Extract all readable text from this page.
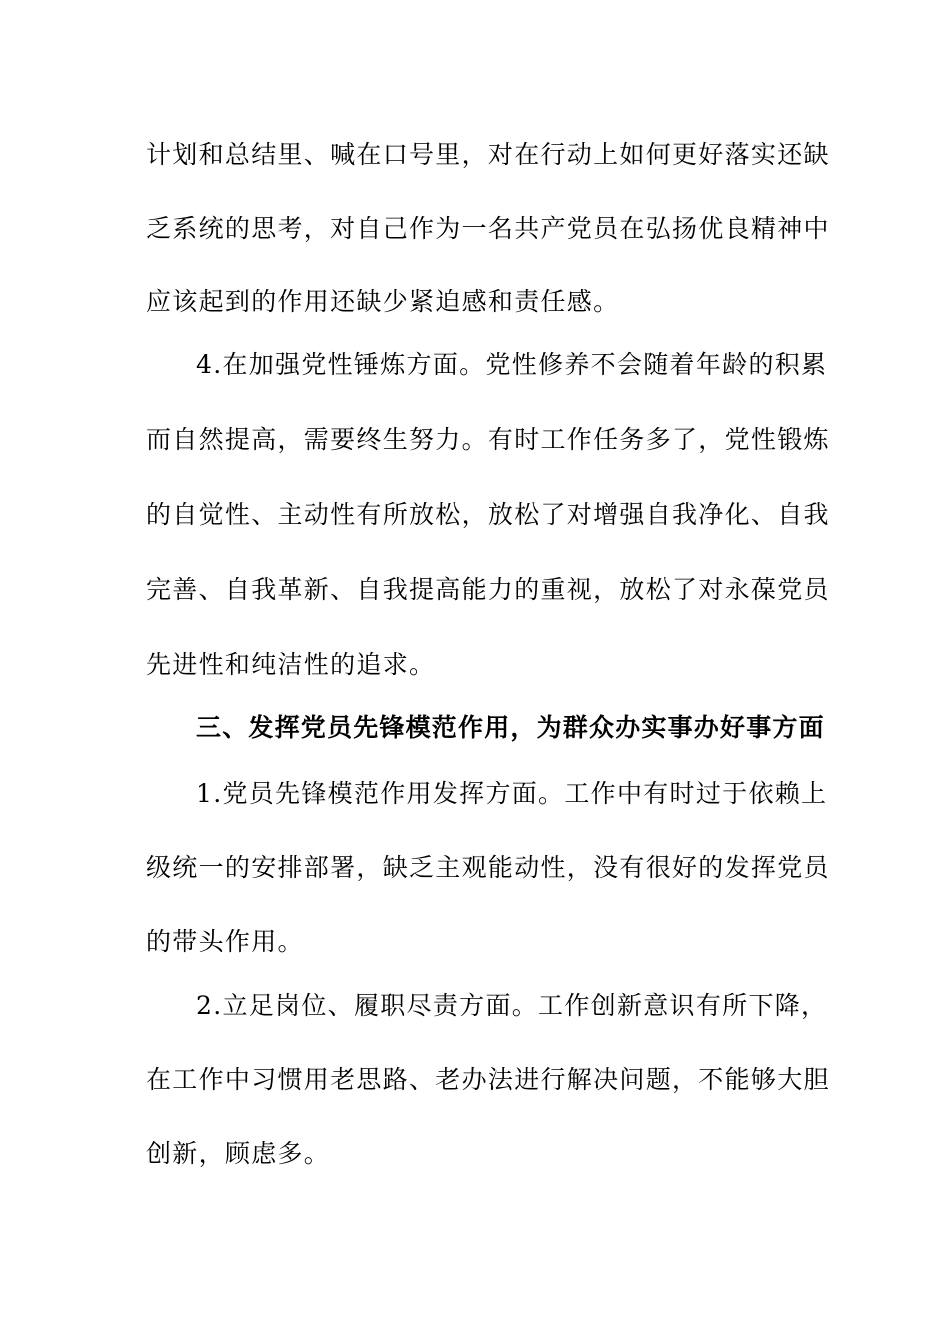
计划和总结里、喊在口号里，对在行动上如何更好落实还缺
乏系统的思考，对自己作为一名共产党员在弘扬优良精神中
应该起到的作用还缺少紧迫感和责任感。
4.在加强党性锤炼方面。党性修养不会随着年龄的积累
而自然提高，需要终生努力。有时工作任务多了，党性锻炼
的自觉性、主动性有所放松，放松了对增强自我净化、自我
完善、自我革新、自我提高能力的重视，放松了对永葆党员
先进性和纯洁性的追求。
三、发挥党员先锋模范作用，为群众办实事办好事方面
1.党员先锋模范作用发挥方面。工作中有时过于依赖上
级统一的安排部署，缺乏主观能动性，没有很好的发挥党员
的带头作用。
2.立足岗位、履职尽责方面。工作创新意识有所下降，
在工作中习惯用老思路、老办法进行解决问题，不能够大胆
创新，顾虑多。
